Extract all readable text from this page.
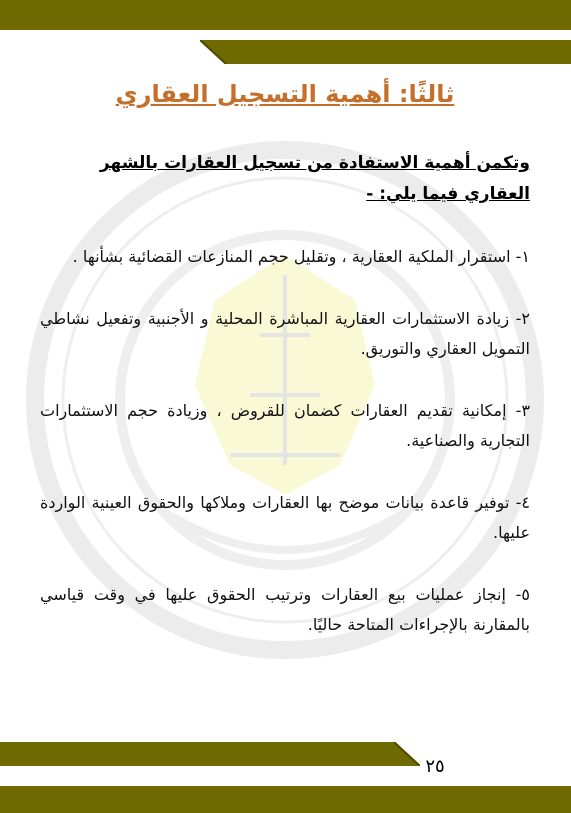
ثالثًا: أهمية التسجيل العقاري
وتكمن أهمية الاستفادة من تسجيل العقارات بالشهر العقاري فيما يلي: -
١- استقرار الملكية العقارية ، وتقليل حجم المنازعات القضائية بشأنها .
٢- زيادة الاستثمارات العقارية المباشرة المحلية و الأجنبية وتفعيل نشاطي التمويل العقاري والتوريق.
٣- إمكانية تقديم العقارات كضمان للقروض ، وزيادة حجم الاستثمارات التجارية والصناعية.
٤- توفير قاعدة بيانات موضح بها العقارات وملاكها والحقوق العينية الواردة عليها.
٥- إنجاز عمليات بيع العقارات وترتيب الحقوق عليها في وقت قياسي بالمقارنة بالإجراءات المتاحة حاليًا.
٢٥
